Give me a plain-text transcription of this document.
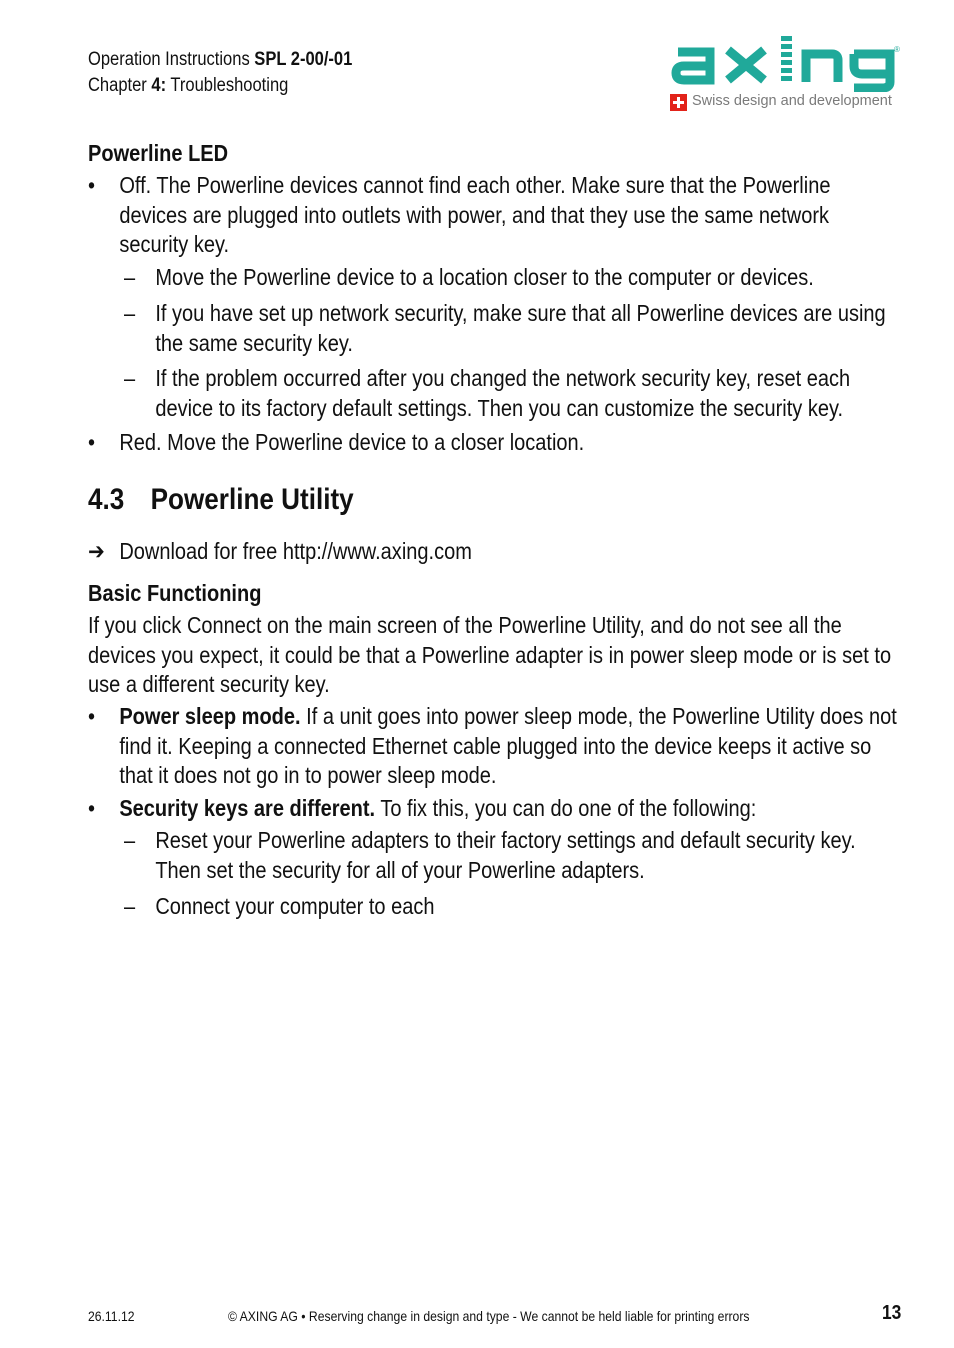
Operation Instructions SPL 2-00/-01
Chapter 4: Troubleshooting
®
Swiss design and development
Powerline LED
• Off. The Powerline devices cannot find each other. Make sure that the Powerline devices are plugged into outlets with power, and that they use the same network security key.
– Move the Powerline device to a location closer to the computer or devices.
– If you have set up network security, make sure that all Powerline devices are using the same security key.
– If the problem occurred after you changed the network security key, reset each device to its factory default settings. Then you can customize the security key.
• Red. Move the Powerline device to a closer location.
4.3 Powerline Utility
➔ Download for free http://www.axing.com
Basic Functioning
If you click Connect on the main screen of the Powerline Utility, and do not see all the devices you expect, it could be that a Powerline adapter is in power sleep mode or is set to use a different security key.
• Power sleep mode. If a unit goes into power sleep mode, the Powerline Utility does not find it. Keeping a connected Ethernet cable plugged into the device keeps it active so that it does not go in to power sleep mode.
• Security keys are different. To fix this, you can do one of the following:
– Reset your Powerline adapters to their factory settings and default security key. Then set the security for all of your Powerline adapters.
– Connect your computer to each
26.11.12	© AXING AG • Reserving change in design and type - We cannot be held liable for printing errors	13
